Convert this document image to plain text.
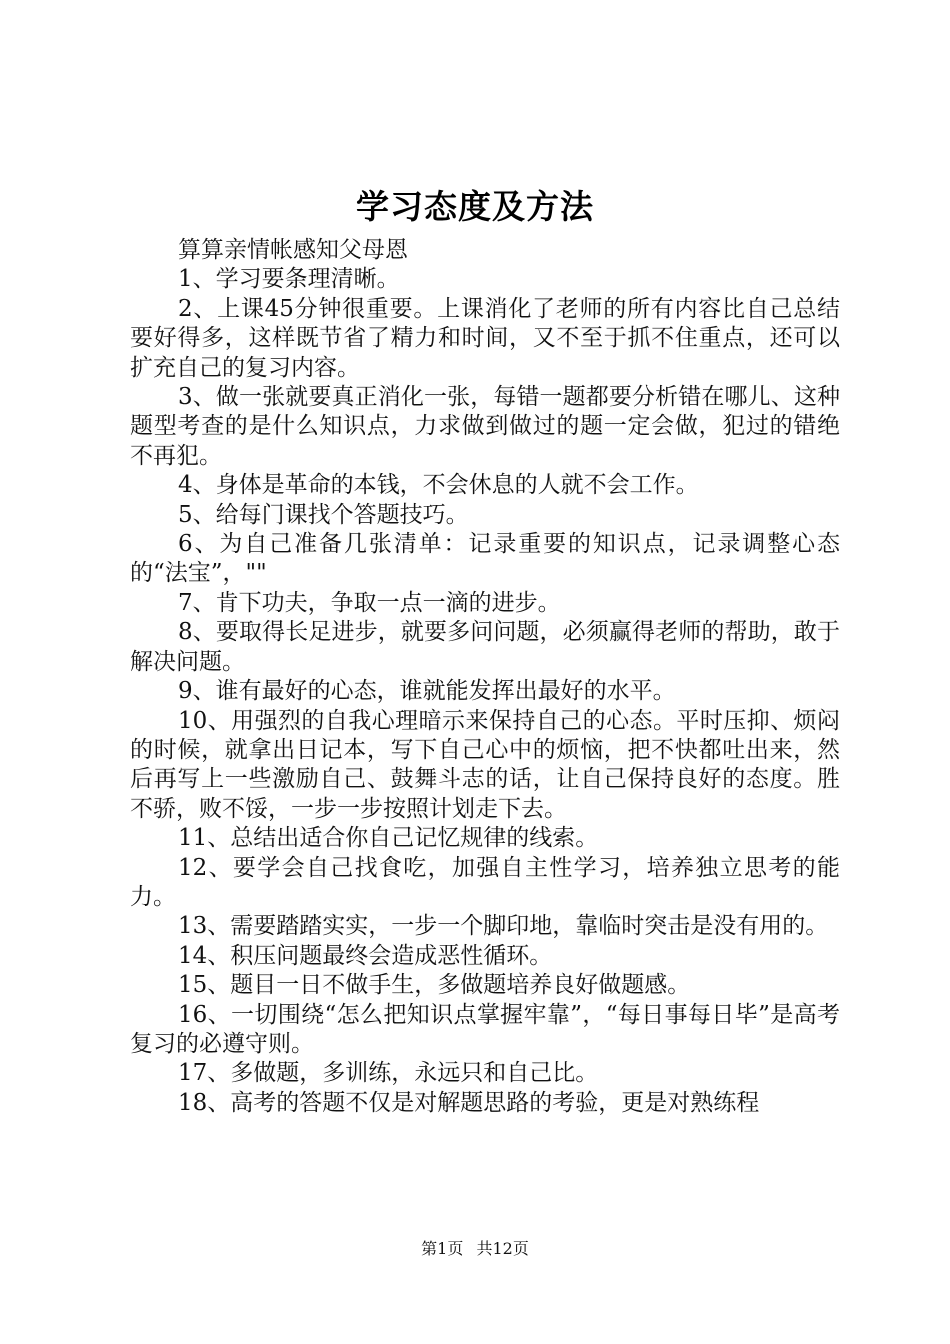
学习态度及方法

算算亲情帐感知父母恩

1、学习要条理清晰。

2、上课45分钟很重要。上课消化了老师的所有内容比自己总结要好得多，这样既节省了精力和时间，又不至于抓不住重点，还可以扩充自己的复习内容。

3、做一张就要真正消化一张，每错一题都要分析错在哪儿、这种题型考查的是什么知识点，力求做到做过的题一定会做，犯过的错绝不再犯。

4、身体是革命的本钱，不会休息的人就不会工作。

5、给每门课找个答题技巧。

6、为自己准备几张清单：记录重要的知识点，记录调整心态的“法宝”，""

7、肯下功夫，争取一点一滴的进步。

8、要取得长足进步，就要多问问题，必须赢得老师的帮助，敢于解决问题。

9、谁有最好的心态，谁就能发挥出最好的水平。

10、用强烈的自我心理暗示来保持自己的心态。平时压抑、烦闷的时候，就拿出日记本，写下自己心中的烦恼，把不快都吐出来，然后再写上一些激励自己、鼓舞斗志的话，让自己保持良好的态度。胜不骄，败不馁，一步一步按照计划走下去。

11、总结出适合你自己记忆规律的线索。

12、要学会自己找食吃，加强自主性学习，培养独立思考的能力。

13、需要踏踏实实，一步一个脚印地，靠临时突击是没有用的。

14、积压问题最终会造成恶性循环。

15、题目一日不做手生，多做题培养良好做题感。

16、一切围绕“怎么把知识点掌握牢靠”，“每日事每日毕”是高考复习的必遵守则。

17、多做题，多训练，永远只和自己比。

18、高考的答题不仅是对解题思路的考验，更是对熟练程

第1页 共12页
